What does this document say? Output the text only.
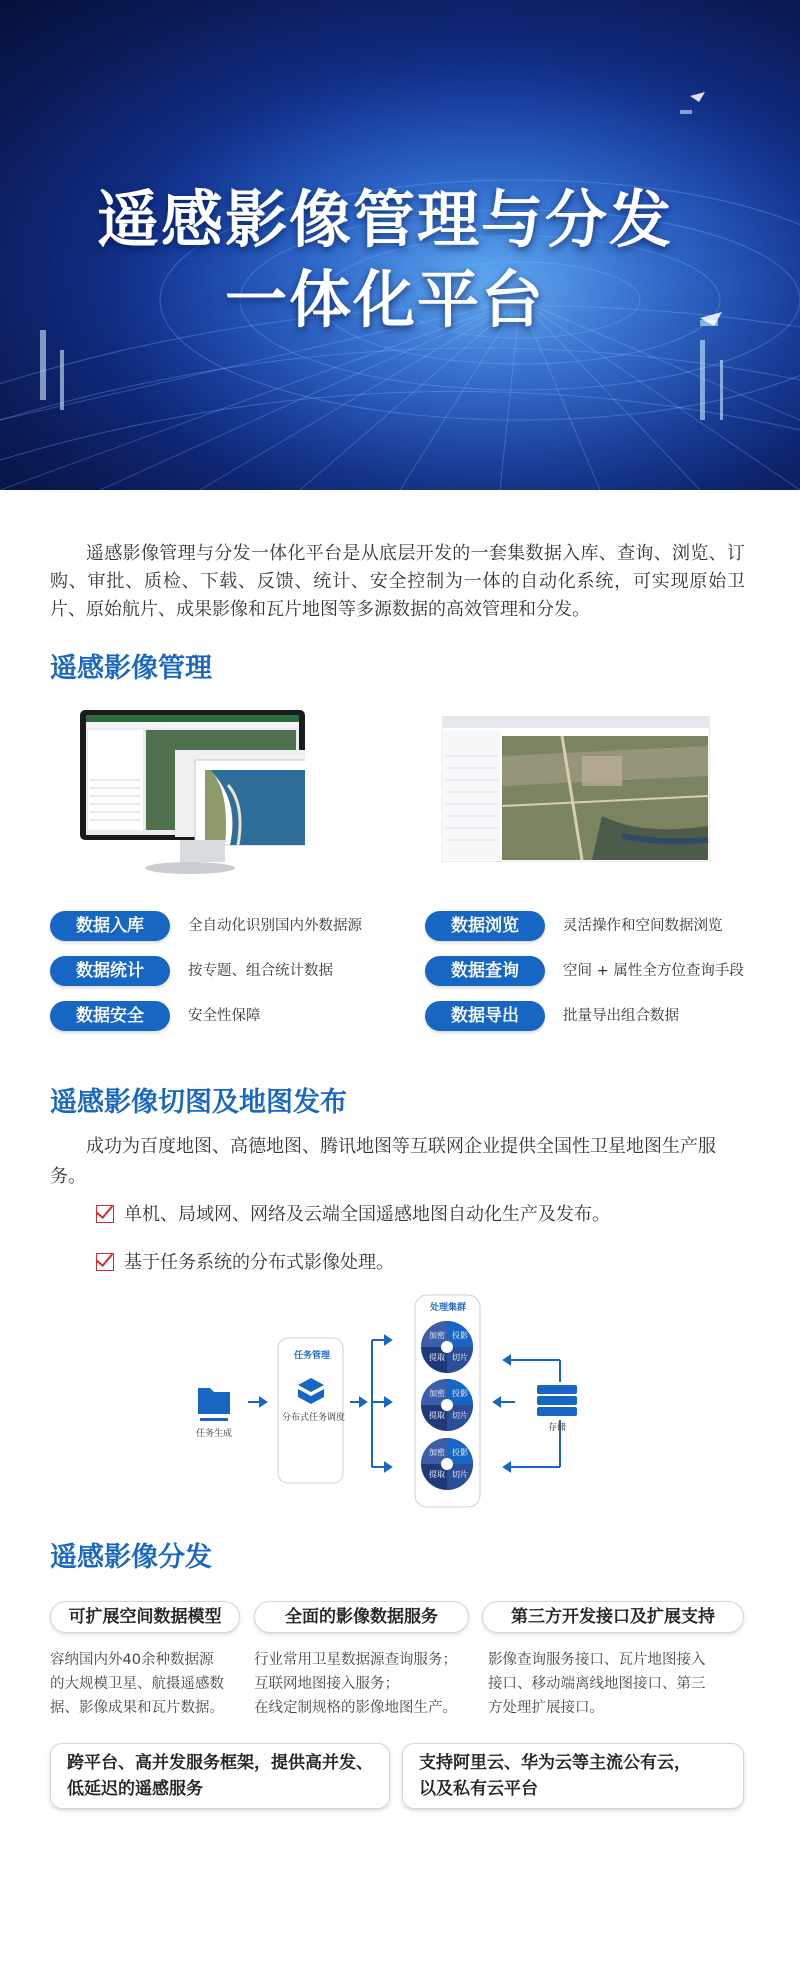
遥感影像管理与分发
一体化平台

遥感影像管理与分发一体化平台是从底层开发的一套集数据入库、查询、浏览、订购、审批、质检、下载、反馈、统计、安全控制为一体的自动化系统，可实现原始卫片、原始航片、成果影像和瓦片地图等多源数据的高效管理和分发。

遥感影像管理
数据入库	全自动化识别国内外数据源	数据浏览	灵活操作和空间数据浏览
数据统计	按专题、组合统计数据	数据查询	空间 + 属性全方位查询手段
数据安全	安全性保障	数据导出	批量导出组合数据
遥感影像切图及地图发布

成功为百度地图、高德地图、腾讯地图等互联网企业提供全国性卫星地图生产服务。

单机、局域网、网络及云端全国遥感地图自动化生产及发布。
基于任务系统的分布式影像处理。
任务生成
任务管理
分布式任务调度
处理集群
存储
加密 投影
提取 切片
加密 投影
提取 切片
加密 投影
提取 切片
遥感影像分发
可扩展空间数据模型	全面的影像数据服务	第三方开发接口及扩展支持
容纳国内外40余种数据源
的大规模卫星、航摄遥感数
据、影像成果和瓦片数据。
行业常用卫星数据源查询服务；
互联网地图接入服务；
在线定制规格的影像地图生产。
影像查询服务接口、瓦片地图接入
接口、移动端离线地图接口、第三
方处理扩展接口。
跨平台、高并发服务框架，提供高并发、
低延迟的遥感服务
支持阿里云、华为云等主流公有云，
以及私有云平台
